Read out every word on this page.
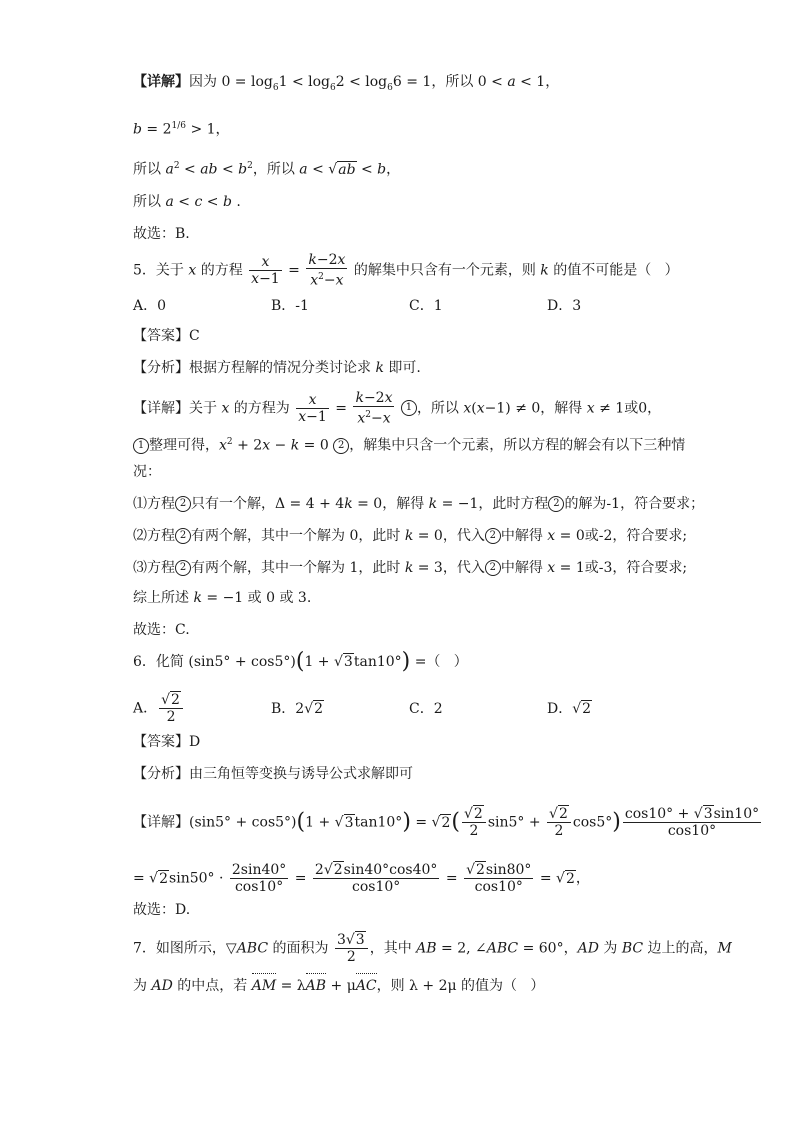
【详解】因为 $0 = \log_61 < \log_62 < \log_66 = 1$，所以 0 < a < 1，
$b = 2^{1/6} > 1$，
所以 $a^2$ < ab < $b^2$，所以 a < √ab < b，
所以 a < c < b .
故选：B.
5．关于 x 的方程 $\frac{x}{x-1} = \frac{k-2x}{x^2-x}$ 的解集中只含有一个元素，则 k 的值不可能是（   ）
A．0	B．-1	C．1	D．3
【答案】C
【分析】根据方程解的情况分类讨论求 k 即可.
【详解】关于 x 的方程为 $\frac{x}{x-1} = \frac{k-2x}{x^2-x} 1$ ，所以 x(x−1) ≠ 0，解得 x ≠ 1或0，
1 整理可得，$x^2 + 2x - k = 0$ 2 ，解集中只含一个元素，所以方程的解会有以下三种情
况：
⑴方程 2 只有一个解，Δ = 4 + 4k = 0，解得 k = −1，此时方程 2 的解为-1，符合要求；
⑵方程 2 有两个解，其中一个解为 0，此时 k = 0，代入 2 中解得 x = 0或-2，符合要求;
⑶方程 2 有两个解，其中一个解为 1，此时 k = 3，代入 2 中解得 x = 1或-3，符合要求;
综上所述 k = −1 或 0 或 3.
故选：C.
6．化简 (sin5° + cos5°)(1 + √3tan10°) =（   ）
A． $\frac{√2}{2}$	B．2√2	C．2	D．√2
【答案】D
【分析】由三角恒等变换与诱导公式求解即可
【详解】$(\sin 5^\circ + \cos 5^\circ)(1 + √3\tan 10^\circ) = √2( \frac{√2}{2} \sin 5^\circ + \frac{√2}{2} \cos 5^\circ) \frac{\cos 10^\circ + √3\sin 10^\circ}{\cos 10^\circ}$
= $√2\sin 50^\circ \cdot \frac{2\sin 40^\circ}{\cos 10^\circ} = \frac{2√2\sin 40^\circ\cos 40^\circ}{\cos 10^\circ} = \frac{√2\sin 80^\circ}{\cos 10^\circ} = √2$，
故选：D.
7．如图所示，▽ABC 的面积为 $\frac{3√3}{2}$ ，其中 AB = 2, ∠ABC = 60°，AD 为 BC 边上的高，M
为 AD 的中点，若 AM = λAB + μAC，则 λ + 2μ 的值为（   ）
